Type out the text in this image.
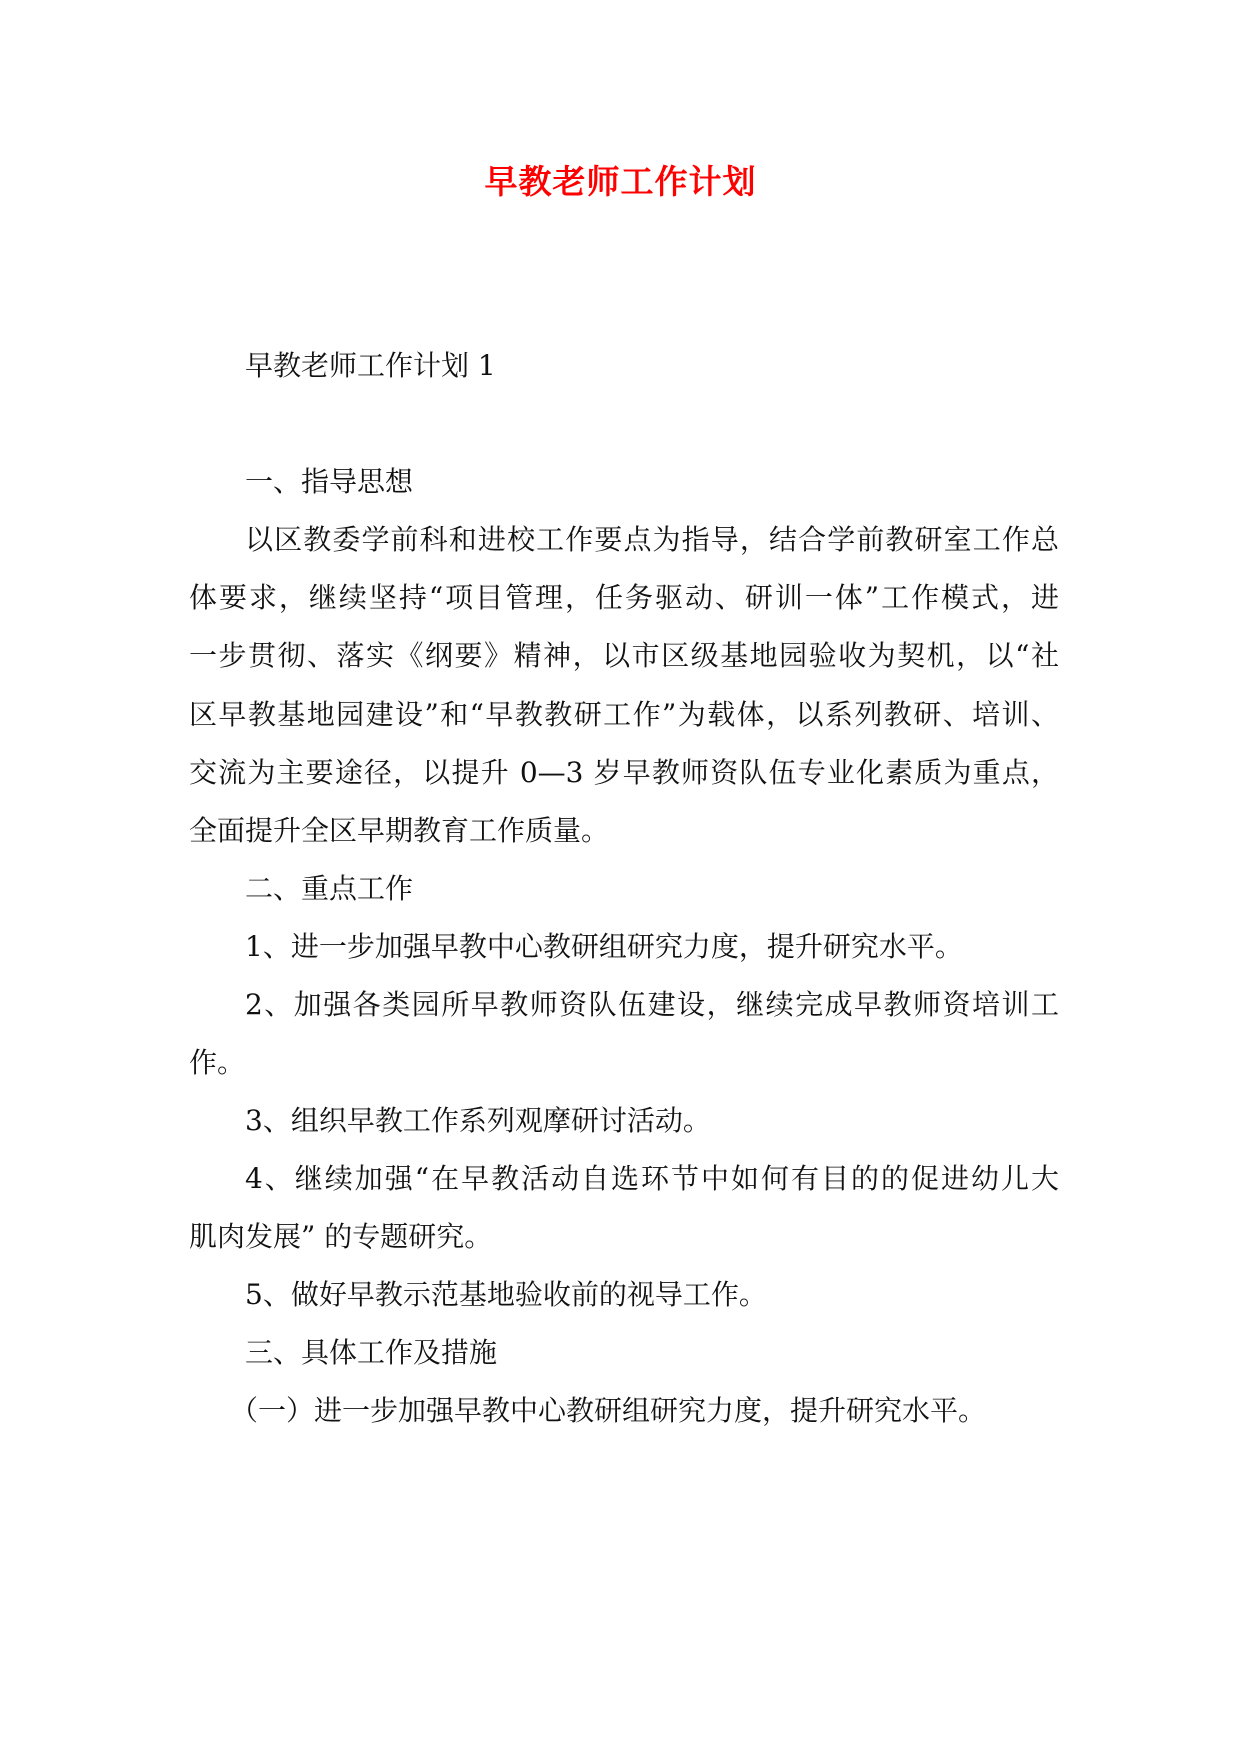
早教老师工作计划
早教老师工作计划 1
一、指导思想
以区教委学前科和进校工作要点为指导，结合学前教研室工作总
体要求，继续坚持“项目管理，任务驱动、研训一体”工作模式，进
一步贯彻、落实《纲要》精神，以市区级基地园验收为契机，以“社
区早教基地园建设”和“早教教研工作”为载体，以系列教研、培训、
交流为主要途径，以提升 0—3 岁早教师资队伍专业化素质为重点，
全面提升全区早期教育工作质量。
二、重点工作
1、进一步加强早教中心教研组研究力度，提升研究水平。
2、加强各类园所早教师资队伍建设，继续完成早教师资培训工
作。
3、组织早教工作系列观摩研讨活动。
4、继续加强“在早教活动自选环节中如何有目的的促进幼儿大
肌肉发展” 的专题研究。
5、做好早教示范基地验收前的视导工作。
三、具体工作及措施
（一）进一步加强早教中心教研组研究力度，提升研究水平。
